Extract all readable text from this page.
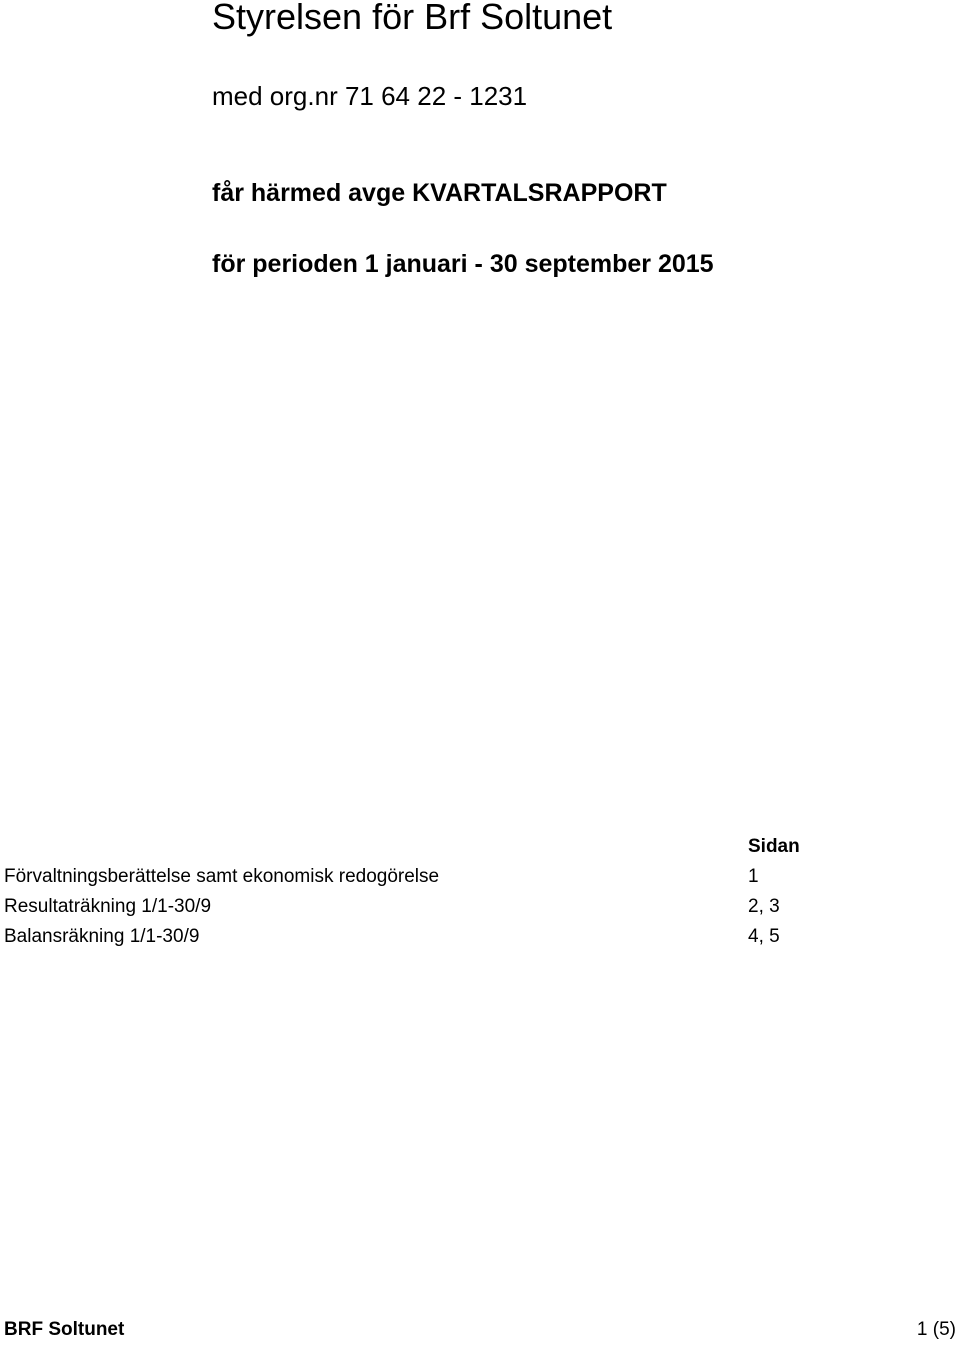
Styrelsen för Brf Soltunet
med org.nr 71 64 22 - 1231
får härmed avge KVARTALSRAPPORT
för perioden 1 januari - 30 september 2015
Sidan
Förvaltningsberättelse samt ekonomisk redogörelse	1
Resultaträkning 1/1-30/9	2, 3
Balansräkning 1/1-30/9	4, 5
BRF Soltunet	1 (5)
